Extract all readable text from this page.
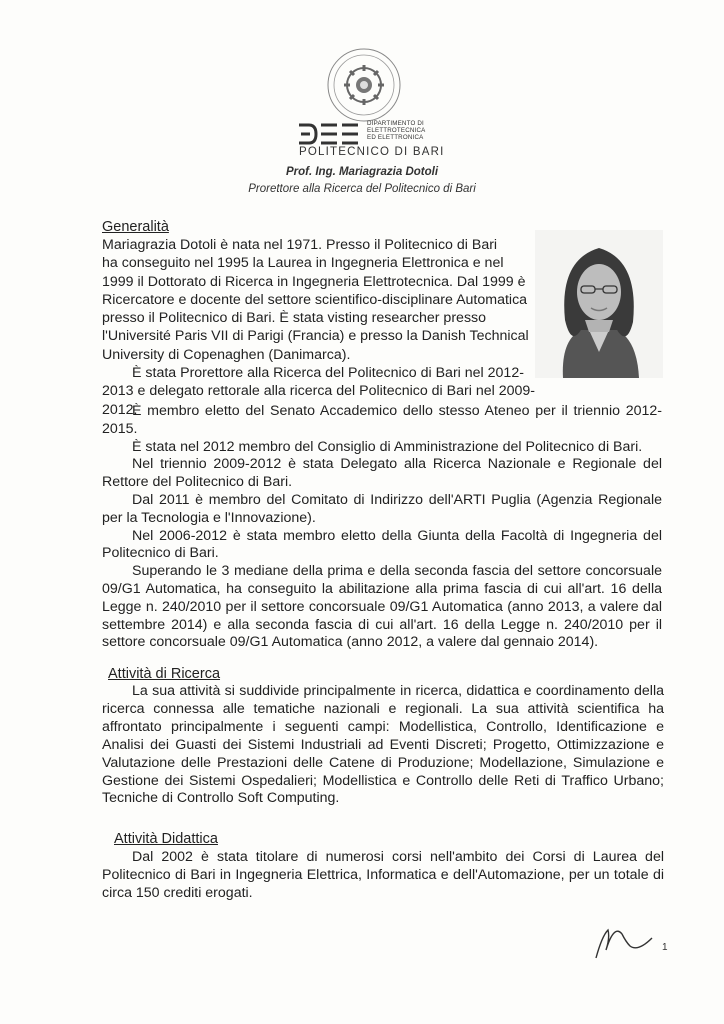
DIPARTIMENTO DI
ELETTROTECNICA
ED ELETTRONICA
POLITECNICO DI BARI
Prof. Ing. Mariagrazia Dotoli
Prorettore alla Ricerca del Politecnico di Bari
Generalità

Mariagrazia Dotoli è nata nel 1971. Presso il Politecnico di Bari

ha conseguito nel 1995 la Laurea in Ingegneria Elettronica e nel

1999 il Dottorato di Ricerca in Ingegneria Elettrotecnica. Dal 1999 è

Ricercatore e docente del settore scientifico-disciplinare Automatica

presso il Politecnico di Bari. È stata visting researcher presso

l'Université Paris VII di Parigi (Francia) e presso la Danish Technical

University di Copenaghen (Danimarca).

È stata Prorettore alla Ricerca del Politecnico di Bari nel 2012-

2013 e delegato rettorale alla ricerca del Politecnico di Bari nel 2009-

2012.

È membro eletto del Senato Accademico dello stesso Ateneo per il triennio 2012-2015.

È stata nel 2012 membro del Consiglio di Amministrazione del Politecnico di Bari.

Nel triennio 2009-2012 è stata Delegato alla Ricerca Nazionale e Regionale del Rettore del Politecnico di Bari.

Dal 2011 è membro del Comitato di Indirizzo dell'ARTI Puglia (Agenzia Regionale per la Tecnologia e l'Innovazione).

Nel 2006-2012 è stata membro eletto della Giunta della Facoltà di Ingegneria del Politecnico di Bari.

Superando le 3 mediane della prima e della seconda fascia del settore concorsuale 09/G1 Automatica, ha conseguito la abilitazione alla prima fascia di cui all'art. 16 della Legge n. 240/2010 per il settore concorsuale 09/G1 Automatica (anno 2013, a valere dal settembre 2014) e alla seconda fascia di cui all'art. 16 della Legge n. 240/2010 per il settore concorsuale 09/G1 Automatica (anno 2012, a valere dal gennaio 2014).

Attività di Ricerca

La sua attività si suddivide principalmente in ricerca, didattica e coordinamento della ricerca connessa alle tematiche nazionali e regionali. La sua attività scientifica ha affrontato principalmente i seguenti campi: Modellistica, Controllo, Identificazione e Analisi dei Guasti dei Sistemi Industriali ad Eventi Discreti; Progetto, Ottimizzazione e Valutazione delle Prestazioni delle Catene di Produzione; Modellazione, Simulazione e Gestione dei Sistemi Ospedalieri; Modellistica e Controllo delle Reti di Traffico Urbano; Tecniche di Controllo Soft Computing.

Attività Didattica

Dal 2002 è stata titolare di numerosi corsi nell'ambito dei Corsi di Laurea del Politecnico di Bari in Ingegneria Elettrica, Informatica e dell'Automazione, per un totale di circa 150 crediti erogati.

1
